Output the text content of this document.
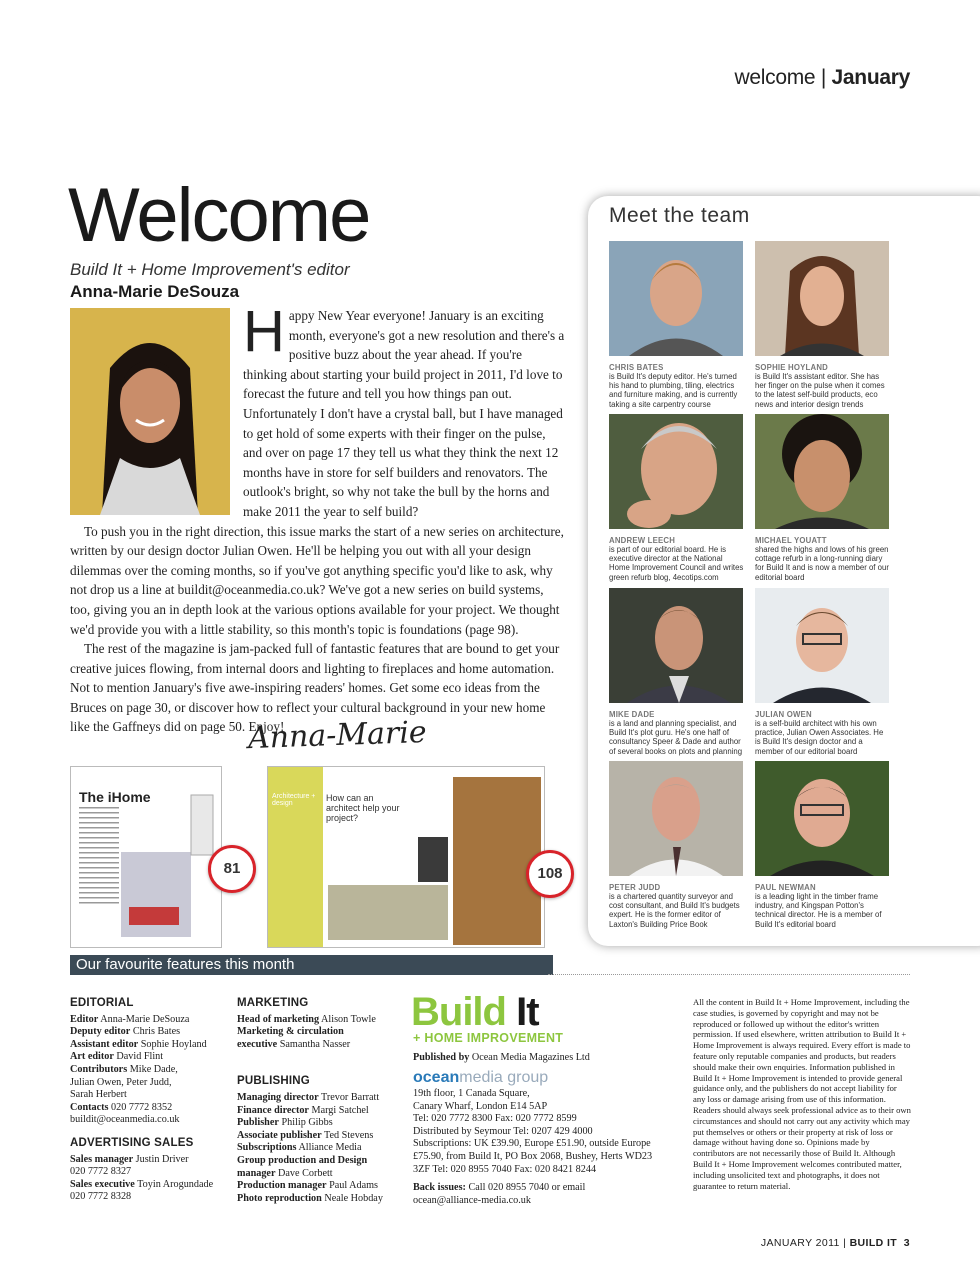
welcome | January
Welcome
Build It + Home Improvement's editor
Anna-Marie DeSouza

Happy New Year everyone! January is an exciting month, everyone's got a new resolution and there's a positive buzz about the year ahead. If you're thinking about starting your build project in 2011, I'd love to forecast the future and tell you how things pan out. Unfortunately I don't have a crystal ball, but I have managed to get hold of some experts with their finger on the pulse, and over on page 17 they tell us what they think the next 12 months have in store for self builders and renovators. The outlook's bright, so why not take the bull by the horns and make 2011 the year to self build?

To push you in the right direction, this issue marks the start of a new series on architecture, written by our design doctor Julian Owen. He'll be helping you out with all your design dilemmas over the coming months, so if you've got anything specific you'd like to ask, why not drop us a line at buildit@oceanmedia.co.uk? We've got a new series on build systems, too, giving you an in depth look at the various options available for your project. We thought we'd provide you with a little stability, so this month's topic is foundations (page 98).

The rest of the magazine is jam-packed full of fantastic features that are bound to get your creative juices flowing, from internal doors and lighting to fireplaces and home automation. Not to mention January's five awe-inspiring readers' homes. Get some eco ideas from the Bruces on page 30, or discover how to reflect your cultural background in your new home like the Gaffneys did on page 50. Enjoy!

Anna-Marie
Meet the team
CHRIS BATES
is Build It's deputy editor. He's turned his hand to plumbing, tiling, electrics and furniture making, and is currently taking a site carpentry course
SOPHIE HOYLAND
is Build It's assistant editor. She has her finger on the pulse when it comes to the latest self-build products, eco news and interior design trends
ANDREW LEECH
is part of our editorial board. He is executive director at the National Home Improvement Council and writes green refurb blog, 4ecotips.com
MICHAEL YOUATT
shared the highs and lows of his green cottage refurb in a long-running diary for Build It and is now a member of our editorial board
MIKE DADE
is a land and planning specialist, and Build It's plot guru. He's one half of consultancy Speer & Dade and author of several books on plots and planning
JULIAN OWEN
is a self-build architect with his own practice, Julian Owen Associates. He is Build It's design doctor and a member of our editorial board
PETER JUDD
is a chartered quantity surveyor and cost consultant, and Build It's budgets expert. He is the former editor of Laxton's Building Price Book
PAUL NEWMAN
is a leading light in the timber frame industry, and Kingspan Potton's technical director. He is a member of Build It's editorial board
The iHome
81
Architecture + design
How can an architect help your project?
108
Our favourite features this month
EDITORIAL
Editor Anna-Marie DeSouza
Deputy editor Chris Bates
Assistant editor Sophie Hoyland
Art editor David Flint
Contributors Mike Dade,
Julian Owen, Peter Judd,
Sarah Herbert
Contacts 020 7772 8352
buildit@oceanmedia.co.uk
ADVERTISING SALES
Sales manager Justin Driver
020 7772 8327
Sales executive Toyin Arogundade
020 7772 8328
MARKETING
Head of marketing Alison Towle
Marketing & circulation
executive Samantha Nasser
PUBLISHING
Managing director Trevor Barratt
Finance director Margi Satchel
Publisher Philip Gibbs
Associate publisher Ted Stevens
Subscriptions Alliance Media
Group production and Design
manager Dave Corbett
Production manager Paul Adams
Photo reproduction Neale Hobday
Build It
+ HOME IMPROVEMENT
Published by Ocean Media Magazines Ltd
oceanmedia group
19th floor, 1 Canada Square,
Canary Wharf, London E14 5AP
Tel: 020 7772 8300 Fax: 020 7772 8599
Distributed by Seymour Tel: 0207 429 4000
Subscriptions: UK £39.90, Europe £51.90, outside Europe
£75.90, from Build It, PO Box 2068, Bushey, Herts WD23
3ZF Tel: 020 8955 7040 Fax: 020 8421 8244
Back issues: Call 020 8955 7040 or email
ocean@alliance-media.co.uk
All the content in Build It + Home Improvement, including the case studies, is governed by copyright and may not be reproduced or followed up without the editor's written permission. If used elsewhere, written attribution to Build It + Home Improvement is always required. Every effort is made to feature only reputable companies and products, but readers should make their own enquiries. Information published in Build It + Home Improvement is intended to provide general guidance only, and the publishers do not accept liability for any loss or damage arising from use of this information. Readers should always seek professional advice as to their own circumstances and should not carry out any activity which may put themselves or others or their property at risk of loss or damage without having done so. Opinions made by contributors are not necessarily those of Build It. Although Build It + Home Improvement welcomes contributed matter, including unsolicited text and photographs, it does not guarantee to return material.
JANUARY 2011 | BUILD IT 3
